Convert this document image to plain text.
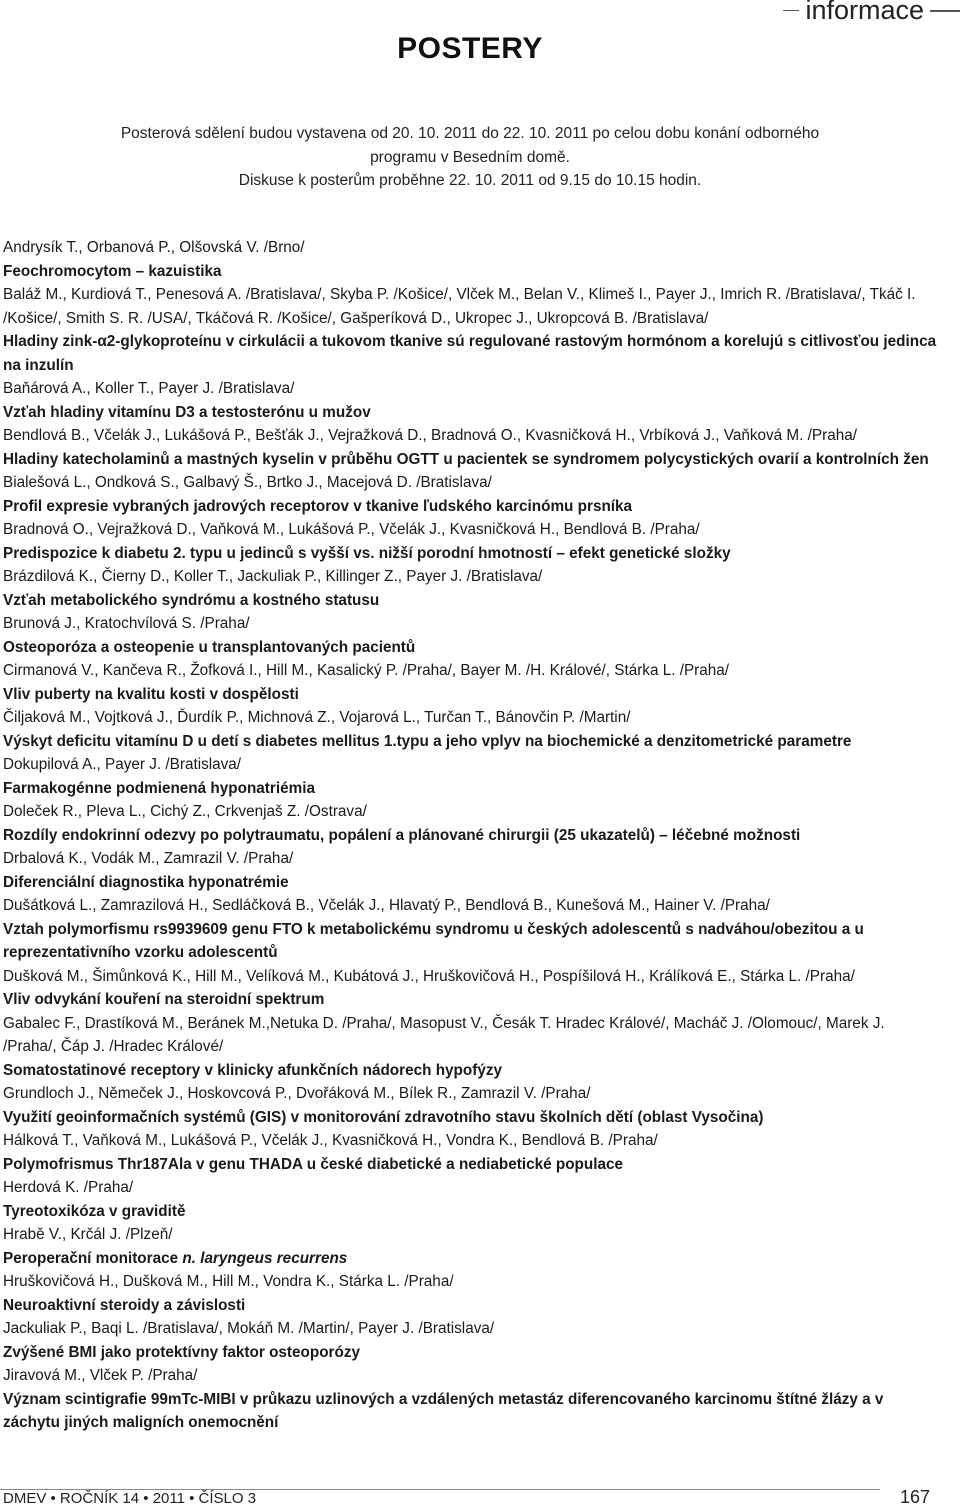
informace
POSTERY

Posterová sdělení budou vystavena od 20. 10. 2011 do 22. 10. 2011 po celou dobu konání odborného

programu v Besedním domě.

Diskuse k posterům proběhne 22. 10. 2011 od 9.15 do 10.15 hodin.

Andrysík T., Orbanová P., Olšovská V. /Brno/

Feochromocytom – kazuistika

Baláž M., Kurdiová T., Penesová A. /Bratislava/, Skyba P. /Košice/, Vlček M., Belan V., Klimeš I., Payer J., Imrich R. /Bratislava/, Tkáč I. /Košice/, Smith S. R. /USA/, Tkáčová R. /Košice/, Gašperíková D., Ukropec J., Ukropcová B. /Bratislava/

Hladiny zink-α2-glykoproteínu v cirkulácii a tukovom tkanive sú regulované rastovým hormónom a korelujú s citlivosťou jedinca na inzulín

Baňárová A., Koller T., Payer J. /Bratislava/

Vzťah hladiny vitamínu D3 a testosterónu u mužov

Bendlová B., Včelák J., Lukášová P., Bešťák J., Vejražková D., Bradnová O., Kvasničková H., Vrbíková J., Vaňková M. /Praha/

Hladiny katecholaminů a mastných kyselin v průběhu OGTT u pacientek se syndromem polycystických ovarií a kontrolních žen

Bialešová L., Ondková S., Galbavý Š., Brtko J., Macejová D. /Bratislava/

Profil expresie vybraných jadrových receptorov v tkanive ľudského karcinómu prsníka

Bradnová O., Vejražková D., Vaňková M., Lukášová P., Včelák J., Kvasničková H., Bendlová B. /Praha/

Predispozice k diabetu 2. typu u jedinců s vyšší vs. nižší porodní hmotností – efekt genetické složky

Brázdilová K., Čierny D., Koller T., Jackuliak P., Killinger Z., Payer J. /Bratislava/

Vzťah metabolického syndrómu a kostného statusu

Brunová J., Kratochvílová S. /Praha/

Osteoporóza a osteopenie u transplantovaných pacientů

Cirmanová V., Kančeva R., Žofková I., Hill M., Kasalický P. /Praha/, Bayer M. /H. Králové/, Stárka L. /Praha/

Vliv puberty na kvalitu kosti v dospělosti

Čiljaková M., Vojtková J., Ďurdík P., Michnová Z., Vojarová L., Turčan T., Bánovčin P. /Martin/

Výskyt deficitu vitamínu D u detí s diabetes mellitus 1.typu a jeho vplyv na biochemické a denzitometrické parametre

Dokupilová A., Payer J. /Bratislava/

Farmakogénne podmienená hyponatriémia

Doleček R., Pleva L., Cichý Z., Crkvenjaš Z. /Ostrava/

Rozdíly endokrinní odezvy po polytraumatu, popálení a plánované chirurgii (25 ukazatelů) – léčebné možnosti

Drbalová K., Vodák M., Zamrazil V. /Praha/

Diferenciální diagnostika hyponatrémie

Dušátková L., Zamrazilová H., Sedláčková B., Včelák J., Hlavatý P., Bendlová B., Kunešová M., Hainer V. /Praha/

Vztah polymorfismu rs9939609 genu FTO k metabolickému syndromu u českých adolescentů s nadváhou/obezitou a u reprezentativního vzorku adolescentů

Dušková M., Šimůnková K., Hill M., Velíková M., Kubátová J., Hruškovičová H., Pospíšilová H., Králíková E., Stárka L. /Praha/

Vliv odvykání kouření na steroidní spektrum

Gabalec F., Drastíková M., Beránek M.,Netuka D. /Praha/, Masopust V., Česák T. Hradec Králové/, Macháč J. /Olomouc/, Marek J. /Praha/, Čáp J. /Hradec Králové/

Somatostatinové receptory v klinicky afunkčních nádorech hypofýzy

Grundloch J., Němeček J., Hoskovcová P., Dvořáková M., Bílek R., Zamrazil V. /Praha/

Využití geoinformačních systémů (GIS) v monitorování zdravotního stavu školních dětí (oblast Vysočina)

Hálková T., Vaňková M., Lukášová P., Včelák J., Kvasničková H., Vondra K., Bendlová B. /Praha/

Polymofrismus Thr187Ala v genu THADA u české diabetické a nediabetické populace

Herdová K. /Praha/

Tyreotoxikóza v graviditě

Hrabě V., Krčál J. /Plzeň/

Peroperační monitorace n. laryngeus recurrens

Hruškovičová H., Dušková M., Hill M., Vondra K., Stárka L. /Praha/

Neuroaktivní steroidy a závislosti

Jackuliak P., Baqi L. /Bratislava/, Mokáň M. /Martin/, Payer J. /Bratislava/

Zvýšené BMI jako protektívny faktor osteoporózy

Jiravová M., Vlček P. /Praha/

Význam scintigrafie 99mTc-MIBI v průkazu uzlinových a vzdálených metastáz diferencovaného karcinomu štítné žlázy a v záchytu jiných maligních onemocnění

DMEV • ROČNÍK 14 • 2011 • ČÍSLO 3	167
